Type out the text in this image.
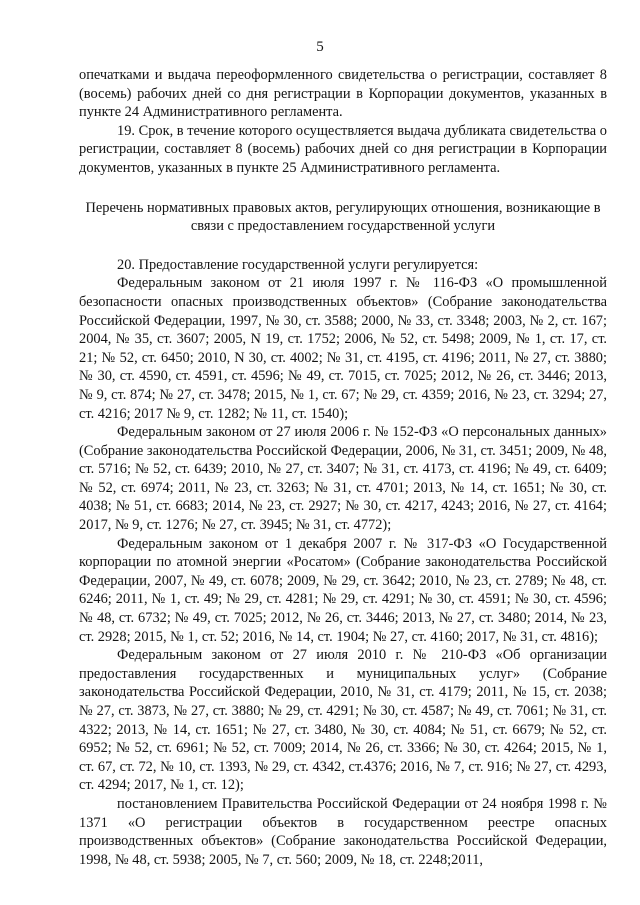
5

опечатками и выдача переоформленного свидетельства о регистрации, составляет 8 (восемь) рабочих дней со дня регистрации в Корпорации документов, указанных в пункте 24 Административного регламента.

19. Срок, в течение которого осуществляется выдача дубликата свидетельства о регистрации, составляет 8 (восемь) рабочих дней со дня регистрации в Корпорации документов, указанных в пункте 25 Административного регламента.

Перечень нормативных правовых актов, регулирующих отношения, возникающие в связи с предоставлением государственной услуги

20. Предоставление государственной услуги регулируется:

Федеральным законом от 21 июля 1997 г. № 116-ФЗ «О промышленной безопасности опасных производственных объектов» (Собрание законодательства Российской Федерации, 1997, № 30, ст. 3588; 2000, № 33, ст. 3348; 2003, № 2, ст. 167; 2004, № 35, ст. 3607; 2005, N 19, ст. 1752; 2006, № 52, ст. 5498; 2009, № 1, ст. 17, ст. 21; № 52, ст. 6450; 2010, N 30, ст. 4002; № 31, ст. 4195, ст. 4196; 2011, № 27, ст. 3880; № 30, ст. 4590, ст. 4591, ст. 4596; № 49, ст. 7015, ст. 7025; 2012, № 26, ст. 3446; 2013, № 9, ст. 874; № 27, ст. 3478; 2015, № 1, ст. 67; № 29, ст. 4359; 2016, № 23, ст. 3294; 27, ст. 4216; 2017 № 9, ст. 1282; № 11, ст. 1540);

Федеральным законом от 27 июля 2006 г. № 152-ФЗ «О персональных данных» (Собрание законодательства Российской Федерации, 2006, № 31, ст. 3451; 2009, № 48, ст. 5716; № 52, ст. 6439; 2010, № 27, ст. 3407; № 31, ст. 4173, ст. 4196; № 49, ст. 6409; № 52, ст. 6974; 2011, № 23, ст. 3263; № 31, ст. 4701; 2013, № 14, ст. 1651; № 30, ст. 4038; № 51, ст. 6683; 2014, № 23, ст. 2927; № 30, ст. 4217, 4243; 2016, № 27, ст. 4164; 2017, № 9, ст. 1276; № 27, ст. 3945; № 31, ст. 4772);

Федеральным законом от 1 декабря 2007 г. № 317-ФЗ «О Государственной корпорации по атомной энергии «Росатом» (Собрание законодательства Российской Федерации, 2007, № 49, ст. 6078; 2009, № 29, ст. 3642; 2010, № 23, ст. 2789; № 48, ст. 6246; 2011, № 1, ст. 49; № 29, ст. 4281; № 29, ст. 4291; № 30, ст. 4591; № 30, ст. 4596; № 48, ст. 6732; № 49, ст. 7025; 2012, № 26, ст. 3446; 2013, № 27, ст. 3480; 2014, № 23, ст. 2928; 2015, № 1, ст. 52; 2016, № 14, ст. 1904; № 27, ст. 4160; 2017, № 31, ст. 4816);

Федеральным законом от 27 июля 2010 г. № 210-ФЗ «Об организации предоставления государственных и муниципальных услуг» (Собрание законодательства Российской Федерации, 2010, № 31, ст. 4179; 2011, № 15, ст. 2038; № 27, ст. 3873, № 27, ст. 3880; № 29, ст. 4291; № 30, ст. 4587; № 49, ст. 7061; № 31, ст. 4322; 2013, № 14, ст. 1651; № 27, ст. 3480, № 30, ст. 4084; № 51, ст. 6679; № 52, ст. 6952; № 52, ст. 6961; № 52, ст. 7009; 2014, № 26, ст. 3366; № 30, ст. 4264; 2015, № 1, ст. 67, ст. 72, № 10, ст. 1393, № 29, ст. 4342, ст.4376; 2016, № 7, ст. 916; № 27, ст. 4293, ст. 4294; 2017, № 1, ст. 12);

постановлением Правительства Российской Федерации от 24 ноября 1998 г. № 1371 «О регистрации объектов в государственном реестре опасных производственных объектов» (Собрание законодательства Российской Федерации, 1998, № 48, ст. 5938; 2005, № 7, ст. 560; 2009, № 18, ст. 2248;2011,
